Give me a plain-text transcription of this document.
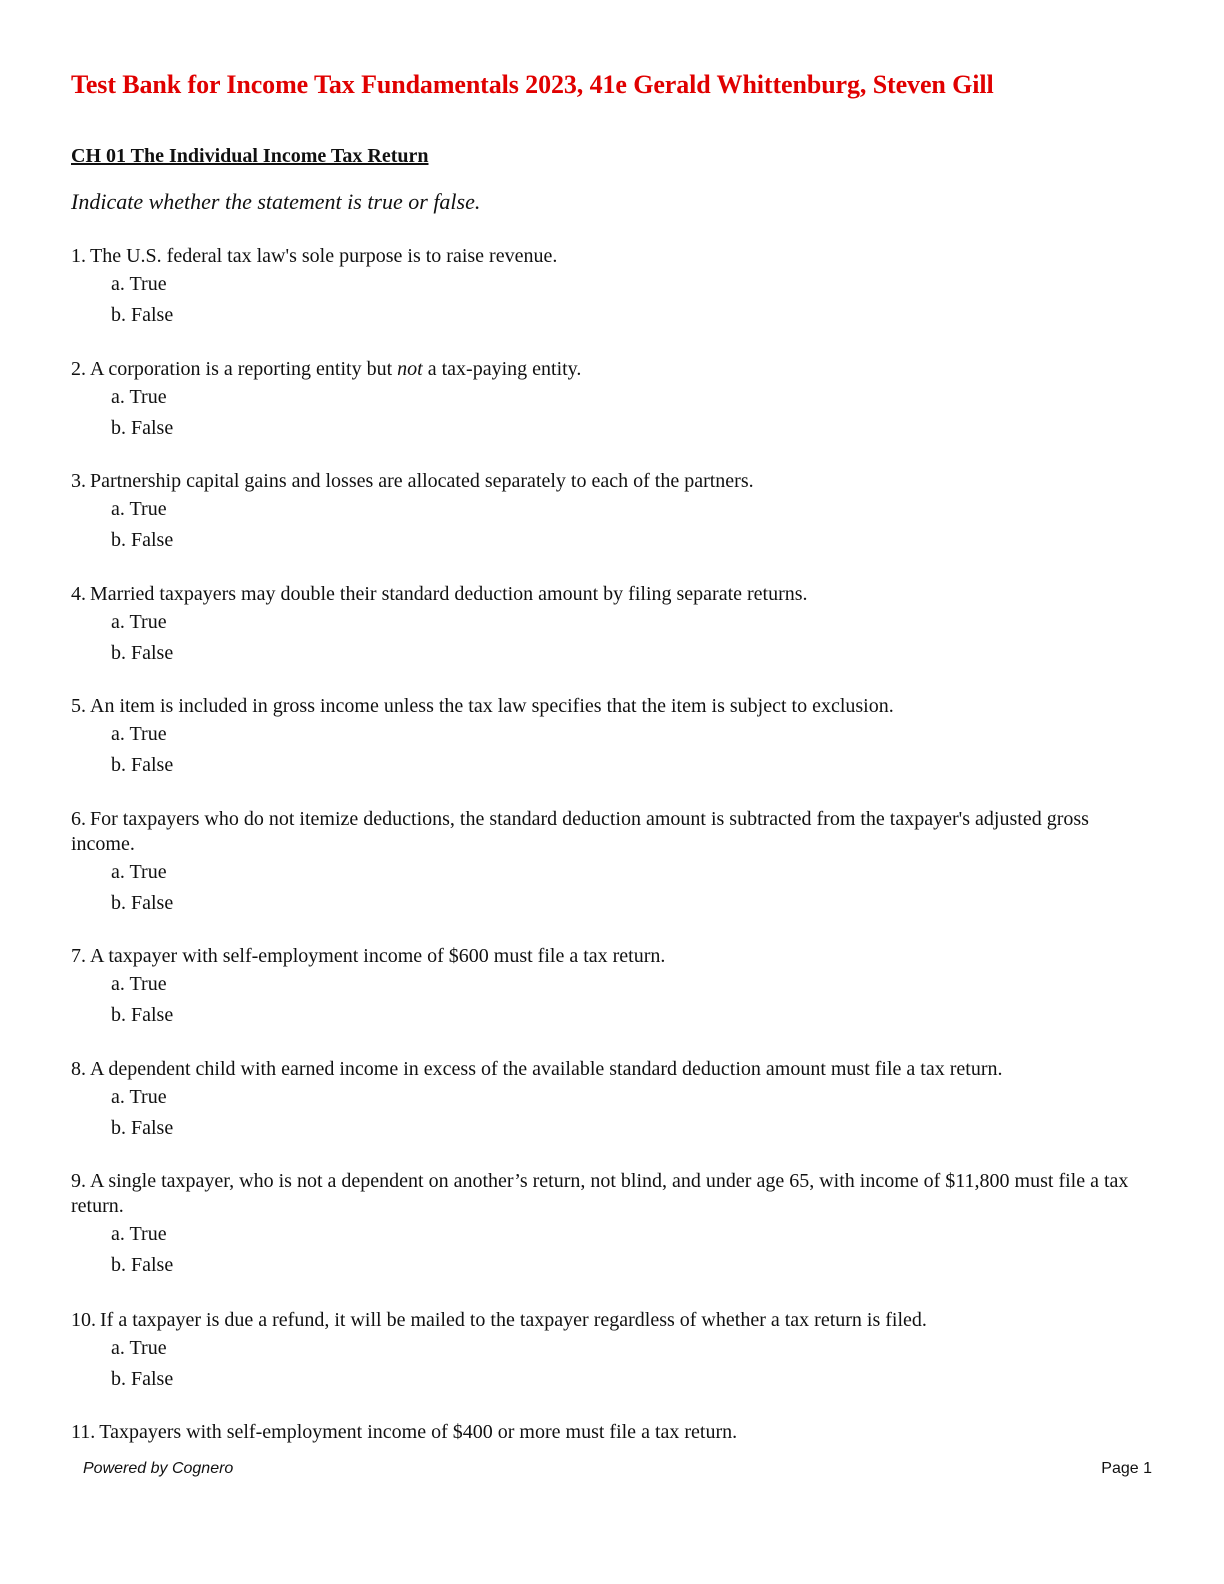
Test Bank for Income Tax Fundamentals 2023, 41e Gerald Whittenburg, Steven Gill
CH 01 The Individual Income Tax Return
Indicate whether the statement is true or false.

1. The U.S. federal tax law's sole purpose is to raise revenue.

a. True
b. False

2. A corporation is a reporting entity but not a tax-paying entity.

a. True
b. False

3. Partnership capital gains and losses are allocated separately to each of the partners.

a. True
b. False

4. Married taxpayers may double their standard deduction amount by filing separate returns.

a. True
b. False

5. An item is included in gross income unless the tax law specifies that the item is subject to exclusion.

a. True
b. False

6. For taxpayers who do not itemize deductions, the standard deduction amount is subtracted from the taxpayer's adjusted gross income.

a. True
b. False

7. A taxpayer with self-employment income of $600 must file a tax return.

a. True
b. False

8. A dependent child with earned income in excess of the available standard deduction amount must file a tax return.

a. True
b. False

9. A single taxpayer, who is not a dependent on another’s return, not blind, and under age 65, with income of $11,800 must file a tax return.

a. True
b. False

10. If a taxpayer is due a refund, it will be mailed to the taxpayer regardless of whether a tax return is filed.

a. True
b. False

11. Taxpayers with self-employment income of $400 or more must file a tax return.

Powered by Cognero	Page 1
